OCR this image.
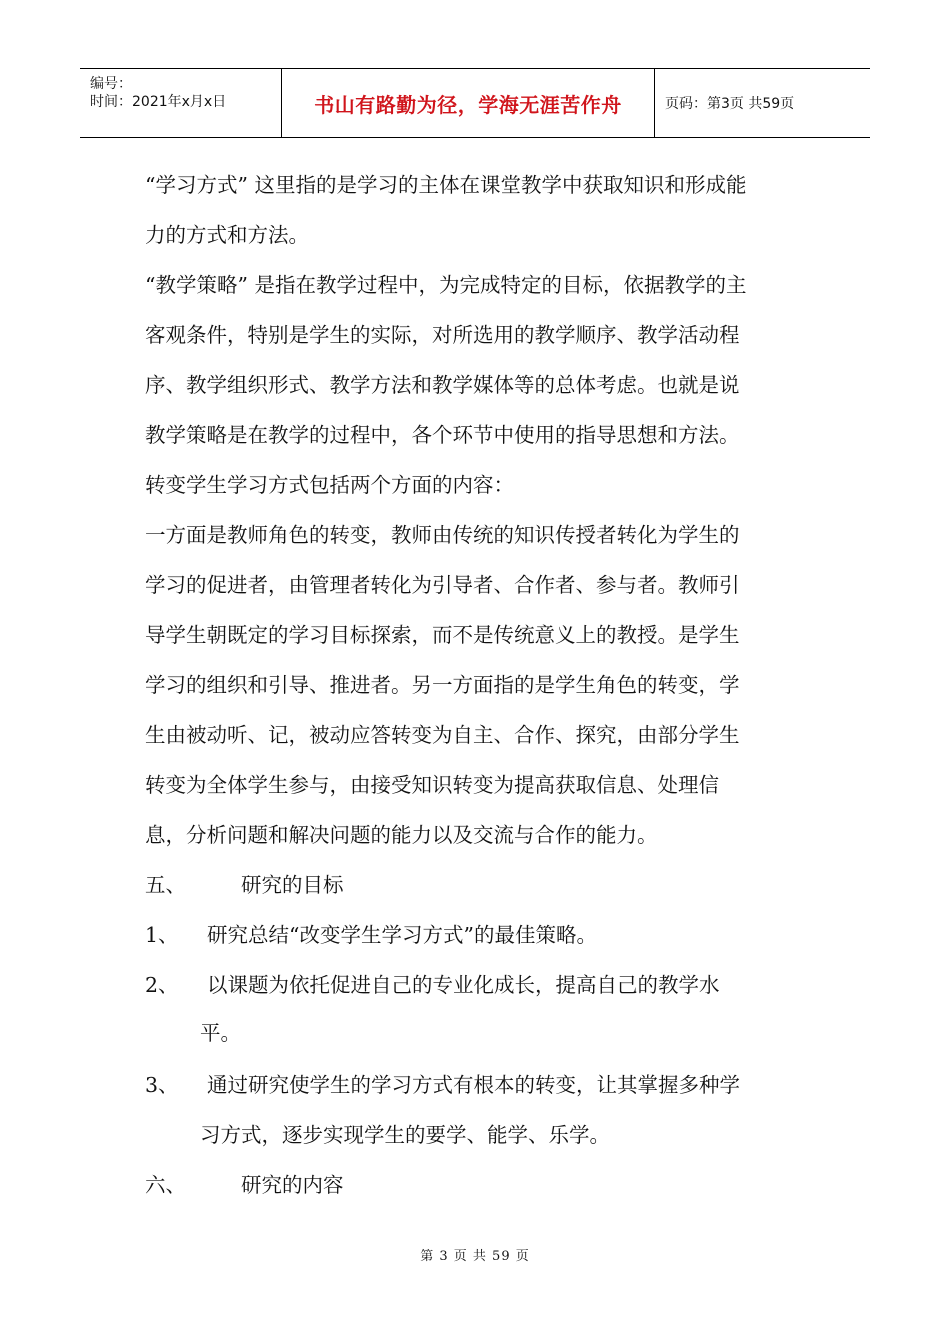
编号：
时间：2021年x月x日	书山有路勤为径，学海无涯苦作舟	页码：第3页 共59页
“学习方式” 这里指的是学习的主体在课堂教学中获取知识和形成能
力的方式和方法。
“教学策略” 是指在教学过程中，为完成特定的目标，依据教学的主
客观条件，特别是学生的实际，对所选用的教学顺序、教学活动程
序、教学组织形式、教学方法和教学媒体等的总体考虑。也就是说
教学策略是在教学的过程中，各个环节中使用的指导思想和方法。
转变学生学习方式包括两个方面的内容：
一方面是教师角色的转变，教师由传统的知识传授者转化为学生的
学习的促进者，由管理者转化为引导者、合作者、参与者。教师引
导学生朝既定的学习目标探索，而不是传统意义上的教授。是学生
学习的组织和引导、推进者。另一方面指的是学生角色的转变，学
生由被动听、记，被动应答转变为自主、合作、探究，由部分学生
转变为全体学生参与，由接受知识转变为提高获取信息、处理信
息，分析问题和解决问题的能力以及交流与合作的能力。
五、	研究的目标
1、 研究总结“改变学生学习方式”的最佳策略。
2、 以课题为依托促进自己的专业化成长，提高自己的教学水
平。
3、 通过研究使学生的学习方式有根本的转变，让其掌握多种学
习方式，逐步实现学生的要学、能学、乐学。
六、	研究的内容
第 3 页 共 59 页
